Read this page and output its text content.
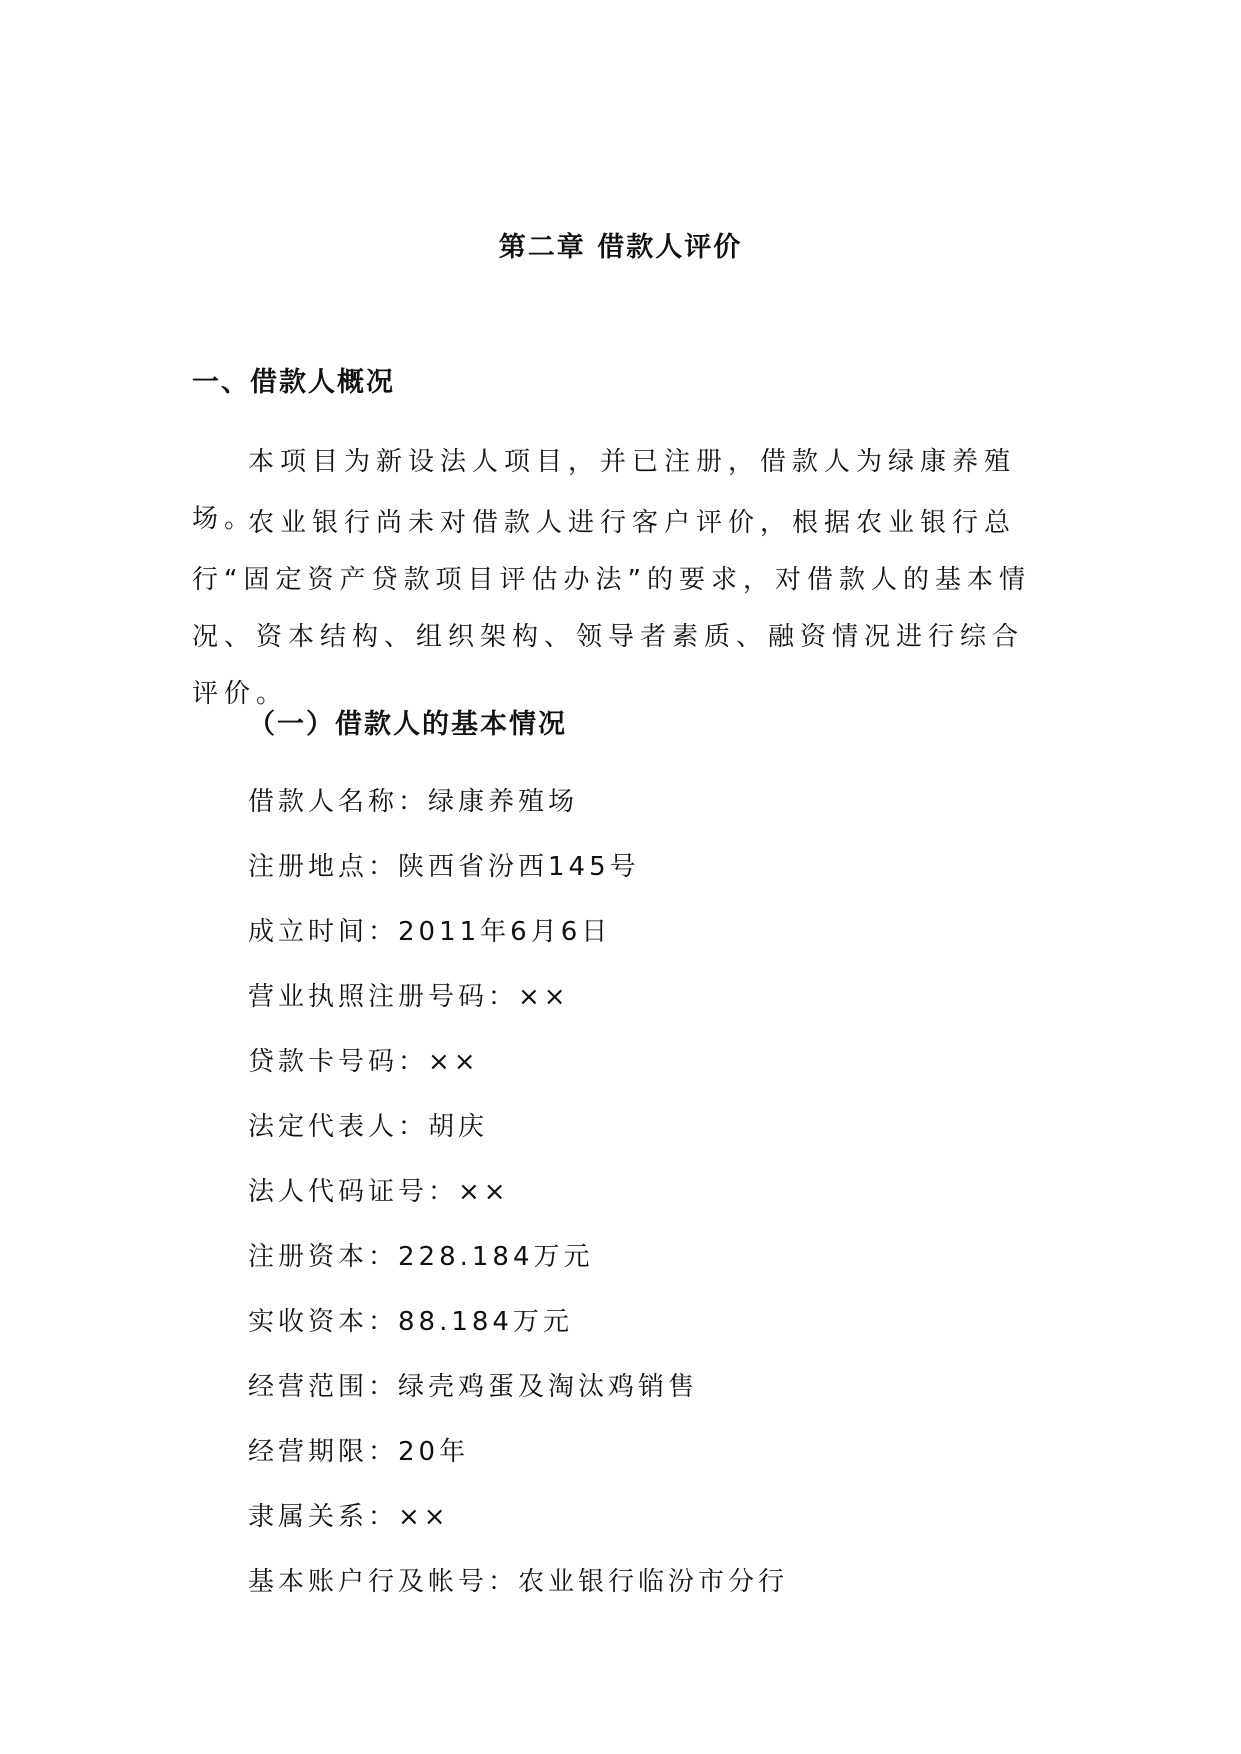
第二章 借款人评价
一、借款人概况

本项目为新设法人项目，并已注册，借款人为绿康养殖场。

农业银行尚未对借款人进行客户评价，根据农业银行总行“固定资产贷款项目评估办法”的要求，对借款人的基本情况、资本结构、组织架构、领导者素质、融资情况进行综合评价。

（一）借款人的基本情况
借款人名称：绿康养殖场
注册地点：陕西省汾西145号
成立时间：2011年6月6日
营业执照注册号码：××
贷款卡号码：××
法定代表人：胡庆
法人代码证号：××
注册资本：228.184万元
实收资本：88.184万元
经营范围：绿壳鸡蛋及淘汰鸡销售
经营期限：20年
隶属关系：××
基本账户行及帐号：农业银行临汾市分行
